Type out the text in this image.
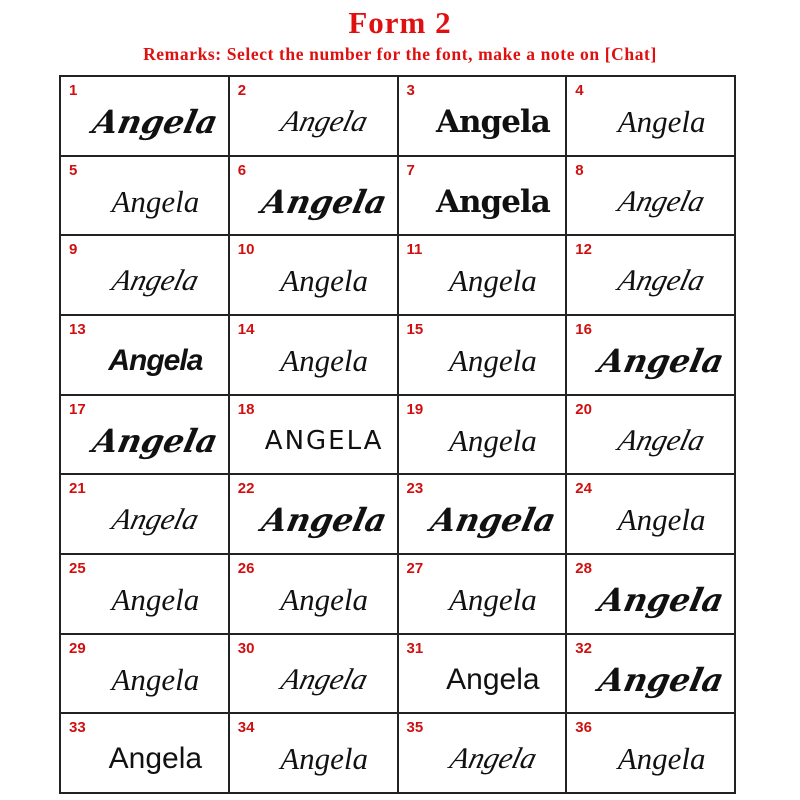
Form 2
Remarks: Select the number for the font, make a note on [Chat]
1
Angela
2
Angela
3
Angela
4
Angela
5
Angela
6
Angela
7
Angela
8
Angela
9
Angela
10
Angela
11
Angela
12
Angela
13
Angela
14
Angela
15
Angela
16
Angela
17
Angela
18
ANGELA
19
Angela
20
Angela
21
Angela
22
Angela
23
Angela
24
Angela
25
Angela
26
Angela
27
Angela
28
Angela
29
Angela
30
Angela
31
Angela
32
Angela
33
Angela
34
Angela
35
Angela
36
Angela
